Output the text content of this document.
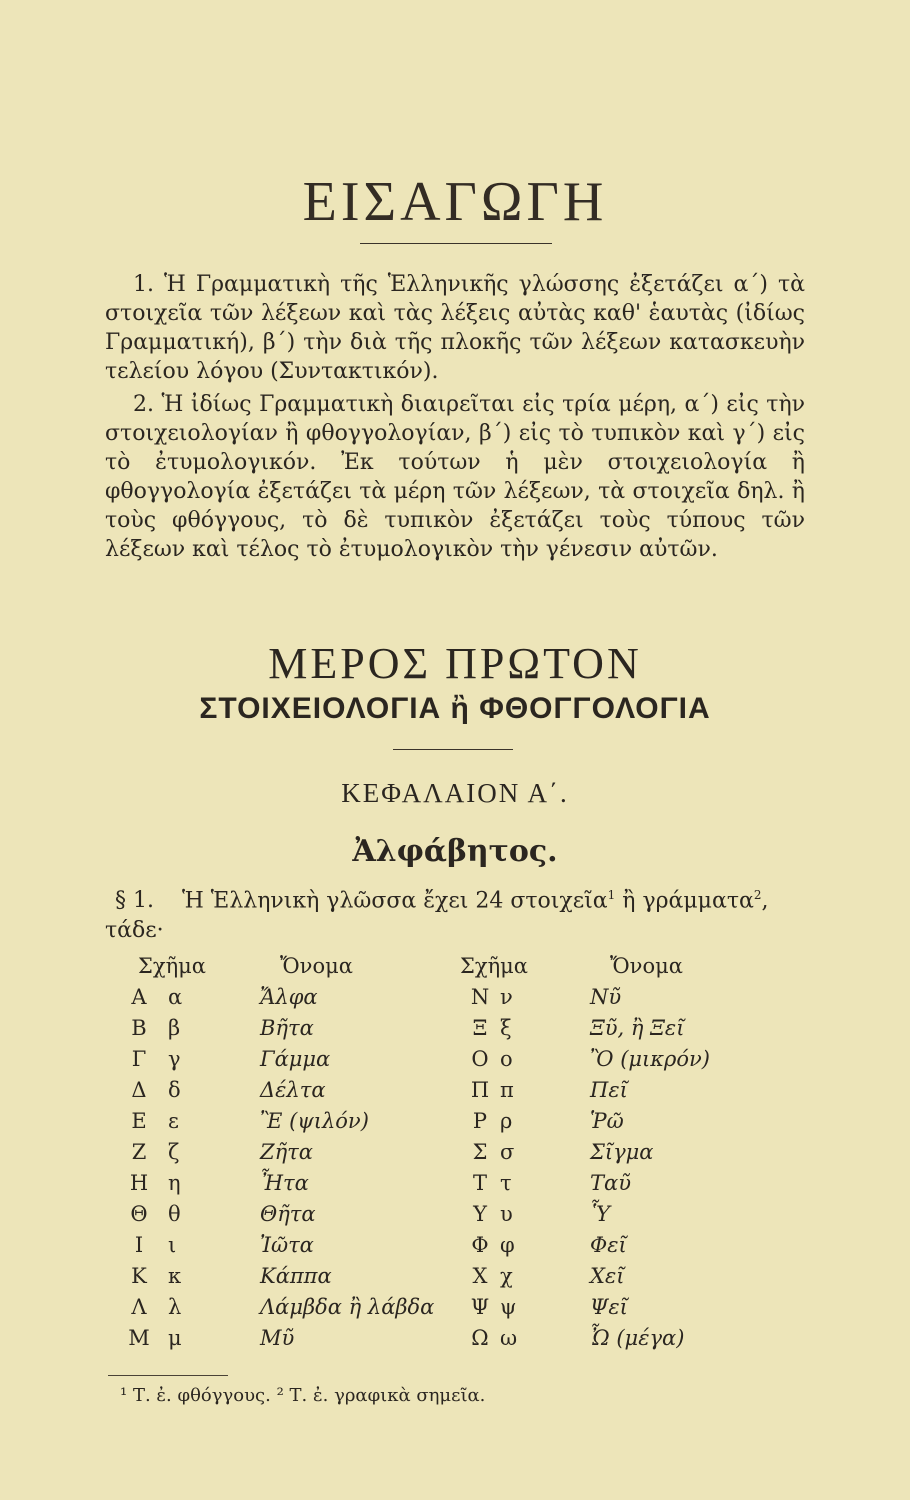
ΕΙΣΑΓΩΓΗ

1. Ἡ Γραμματικὴ τῆς Ἑλληνικῆς γλώσσης ἐξετάζει α΄) τὰ στοιχεῖα τῶν λέξεων καὶ τὰς λέξεις αὐτὰς καθ' ἑαυτὰς (ἰδίως Γραμματική), β΄) τὴν διὰ τῆς πλοκῆς τῶν λέξεων κατασκευὴν τελείου λόγου (Συντακτικόν).

2. Ἡ ἰδίως Γραμματικὴ διαιρεῖται εἰς τρία μέρη, α΄) εἰς τὴν στοιχειολογίαν ἢ φθογγολογίαν, β΄) εἰς τὸ τυπικὸν καὶ γ΄) εἰς τὸ ἐτυμολογικόν. Ἐκ τούτων ἡ μὲν στοιχειολογία ἢ φθογγολογία ἐξετάζει τὰ μέρη τῶν λέξεων, τὰ στοιχεῖα δηλ. ἢ τοὺς φθόγγους, τὸ δὲ τυπικὸν ἐξετάζει τοὺς τύπους τῶν λέξεων καὶ τέλος τὸ ἐτυμολογικὸν τὴν γένεσιν αὐτῶν.

ΜΕΡΟΣ ΠΡΩΤΟΝ
ΣΤΟΙΧΕΙΟΛΟΓΙΑ ἢ ΦΘΟΓΓΟΛΟΓΙΑ
ΚΕΦΑΛΑΙΟΝ Α΄.
Ἀλφάβητος.
§ 1. Ἡ Ἑλληνικὴ γλῶσσα ἔχει 24 στοιχεῖα$^1$ ἢ γράμματα$^2$, τάδε·
Σχῆμα		Ὄνομα	Σχῆμα		Ὄνομα
Α	α	Ἄλφα	Ν	ν	Νῦ
Β	β	Βῆτα	Ξ	ξ	Ξῦ, ἢ Ξεῖ
Γ	γ	Γάμμα	Ο	ο	Ὂ (μικρόν)
Δ	δ	Δέλτα	Π	π	Πεῖ
Ε	ε	Ἒ (ψιλόν)	Ρ	ρ	Ῥῶ
Ζ	ζ	Ζῆτα	Σ	σ	Σῖγμα
Η	η	Ἦτα	Τ	τ	Ταῦ
Θ	θ	Θῆτα	Υ	υ	Ὗ
Ι	ι	Ἰῶτα	Φ	φ	Φεῖ
Κ	κ	Κάππα	Χ	χ	Χεῖ
Λ	λ	Λάμβδα ἢ λάβδα	Ψ	ψ	Ψεῖ
Μ	μ	Μῦ	Ω	ω	Ὦ (μέγα)
¹ Τ. ἐ. φθόγγους. ² Τ. ἐ. γραφικὰ σημεῖα.
